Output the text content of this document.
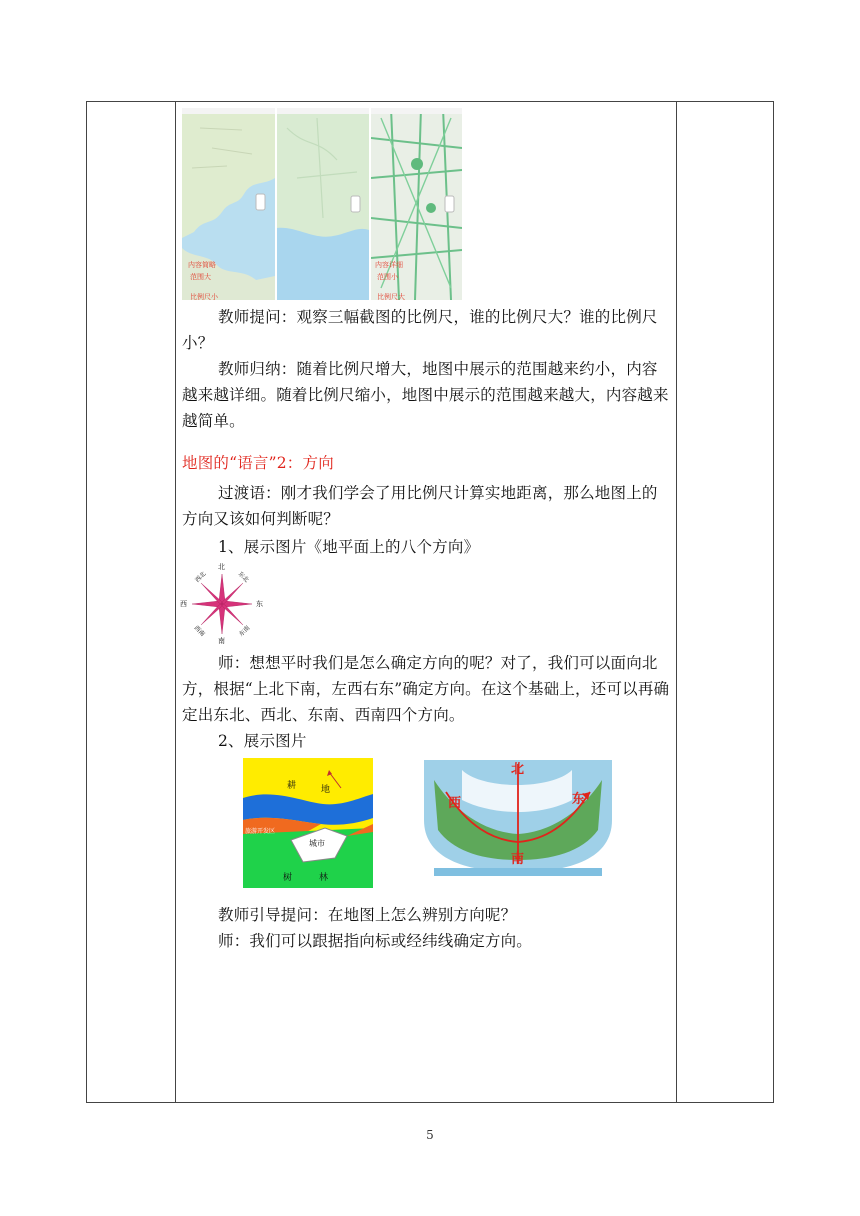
内容简略
范围大
比例尺小
内容详细
范围小
比例尺大

教师提问：观察三幅截图的比例尺，谁的比例尺大？谁的比例尺小？

教师归纳：随着比例尺增大，地图中展示的范围越来约小，内容越来越详细。随着比例尺缩小，地图中展示的范围越来越大，内容越来越简单。

地图的“语言”2：方向

过渡语：刚才我们学会了用比例尺计算实地距离，那么地图上的方向又该如何判断呢？

1、展示图片《地平面上的八个方向》

北
南
西	东
西北	东北
西南	东南

师：想想平时我们是怎么确定方向的呢？对了，我们可以面向北方，根据“上北下南，左西右东”确定方向。在这个基础上，还可以再确定出东北、西北、东南、西南四个方向。

2、展示图片

耕	地
城市
旅游开发区
树	林
北
南
西	东

教师引导提问：在地图上怎么辨别方向呢？

师：我们可以跟据指向标或经纬线确定方向。

5
